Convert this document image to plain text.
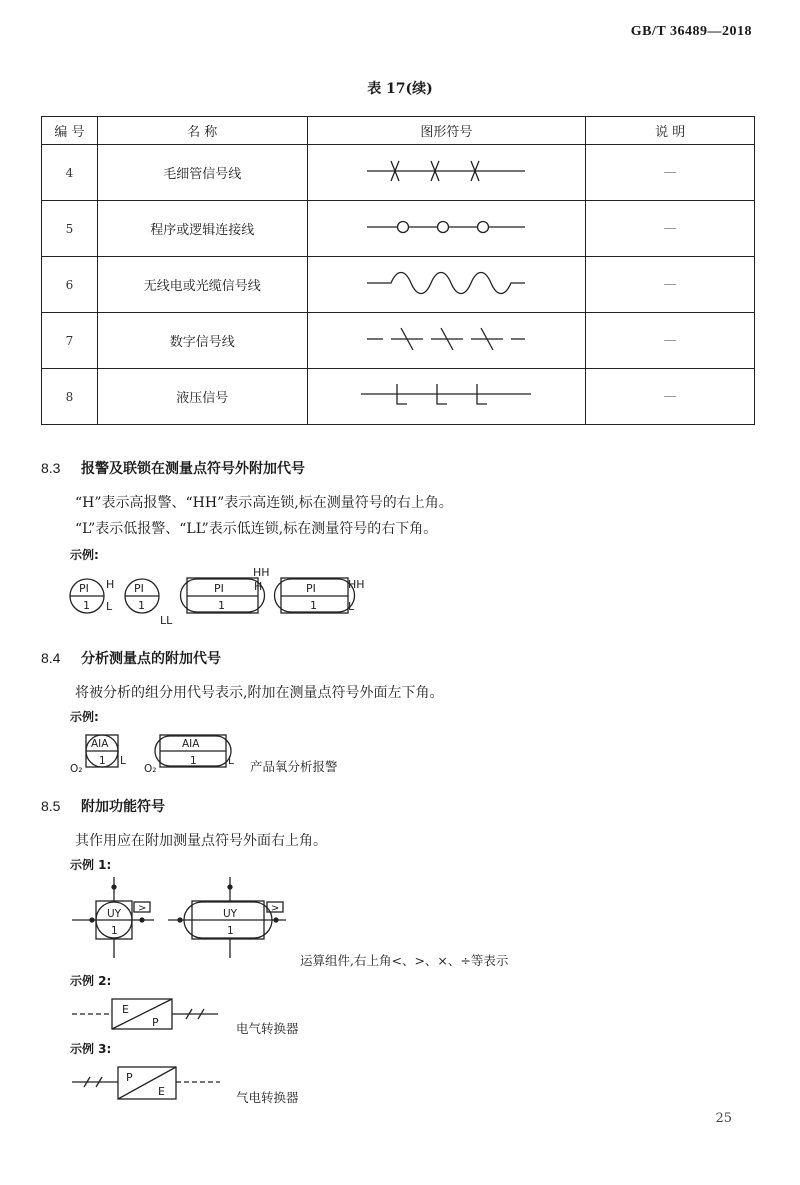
GB/T 36489—2018
表 17(续)
编 号	名 称	图形符号	说 明
4	毛细管信号线		—
5	程序或逻辑连接线		—
6	无线电或光缆信号线		—
7	数字信号线		—
8	液压信号		—
8.3 报警及联锁在测量点符号外附加代号
“H”表示高报警、“HH”表示高连锁,标在测量符号的右上角。
“L”表示低报警、“LL”表示低连锁,标在测量符号的右下角。
示例:
PI
1
H
L
PI
1
LL
PI
1
HH
H	PI
1
HH
L
8.4 分析测量点的附加代号
将被分析的组分用代号表示,附加在测量点符号外面左下角。
示例:
AIA
1
O₂
L
AIA
1
O₂
L 产品氧分析报警
8.5 附加功能符号
其作用应在附加测量点符号外面右上角。
示例 1:
UY
1
>	UY
1
>
运算组件,右上角<、>、×、÷等表示
示例 2:
E
P	电气转换器
示例 3:
P
E	气电转换器
25
